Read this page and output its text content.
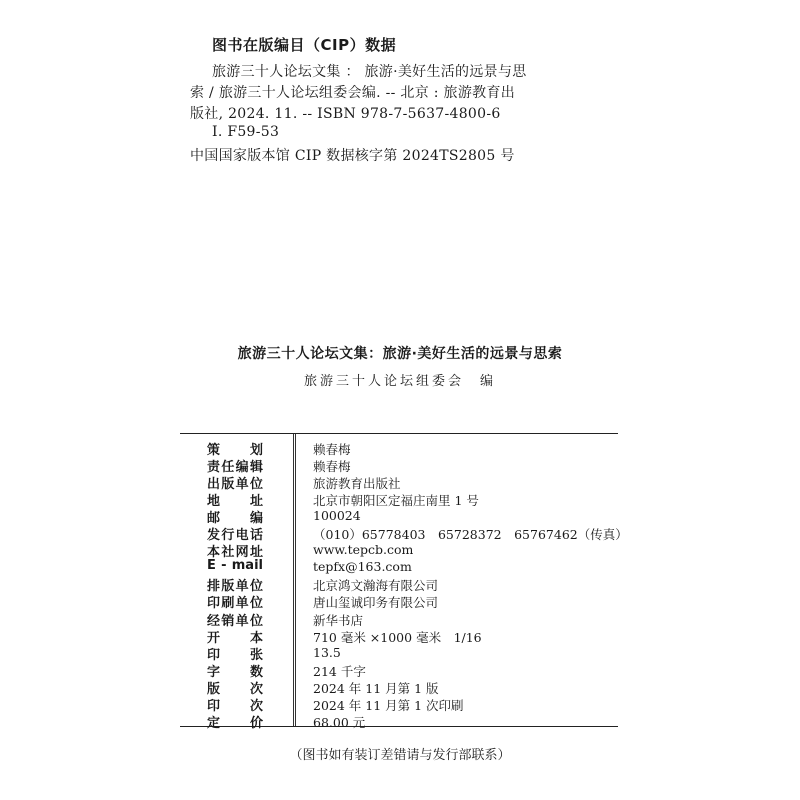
图书在版编目（CIP）数据
旅游三十人论坛文集 ： 旅游·美好生活的远景与思
索 / 旅游三十人论坛组委会编. -- 北京 : 旅游教育出
版社, 2024. 11. -- ISBN 978-7-5637-4800-6
Ⅰ. F59-53
中国国家版本馆 CIP 数据核字第 2024TS2805 号
旅游三十人论坛文集：旅游·美好生活的远景与思索
旅游三十人论坛组委会　编
策　划	赖春梅
责任编辑	赖春梅
出版单位	旅游教育出版社
地　址	北京市朝阳区定福庄南里 1 号
邮　编	100024
发行电话	（010）65778403　65728372　65767462（传真）
本社网址	www.tepcb.com
E - mail	tepfx@163.com
排版单位	北京鸿文瀚海有限公司
印刷单位	唐山玺诚印务有限公司
经销单位	新华书店
开　本	710 毫米 ×1000 毫米　1/16
印　张	13.5
字　数	214 千字
版　次	2024 年 11 月第 1 版
印　次	2024 年 11 月第 1 次印刷
定　价	68.00 元
（图书如有装订差错请与发行部联系）
